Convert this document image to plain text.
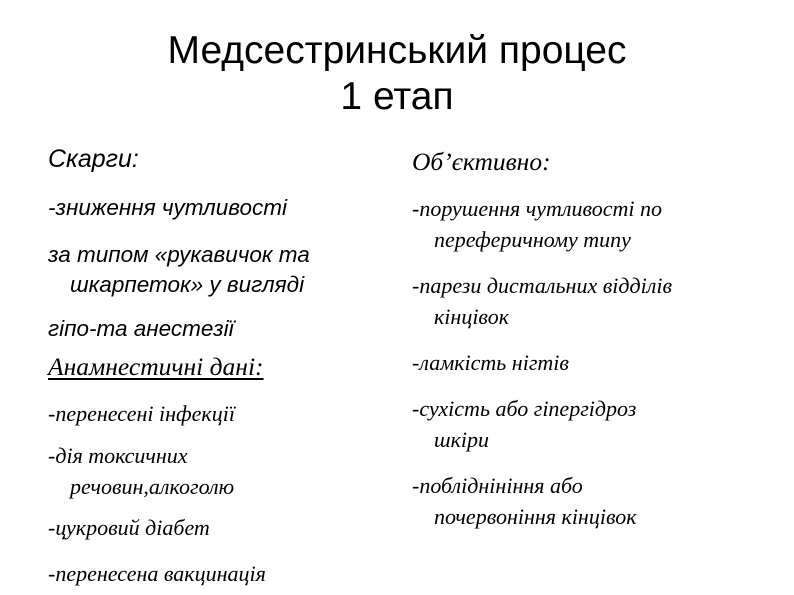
Медсестринський процес
1 етап
Скарги:
-зниження чутливості
за типом «рукавичок та
шкарпеток» у вигляді
гіпо-та анестезії
Анамнестичні дані:
-перенесені інфекції
-дія токсичних
речовин,алкоголю
-цукровий діабет
-перенесена вакцинація
Об’єктивно:
-порушення чутливості по
переферичному типу
-парези дистальних відділів
кінцівок
-ламкість нігтів
-сухість або гіпергідроз
шкіри
-побліднініння або
почервоніння кінцівок
